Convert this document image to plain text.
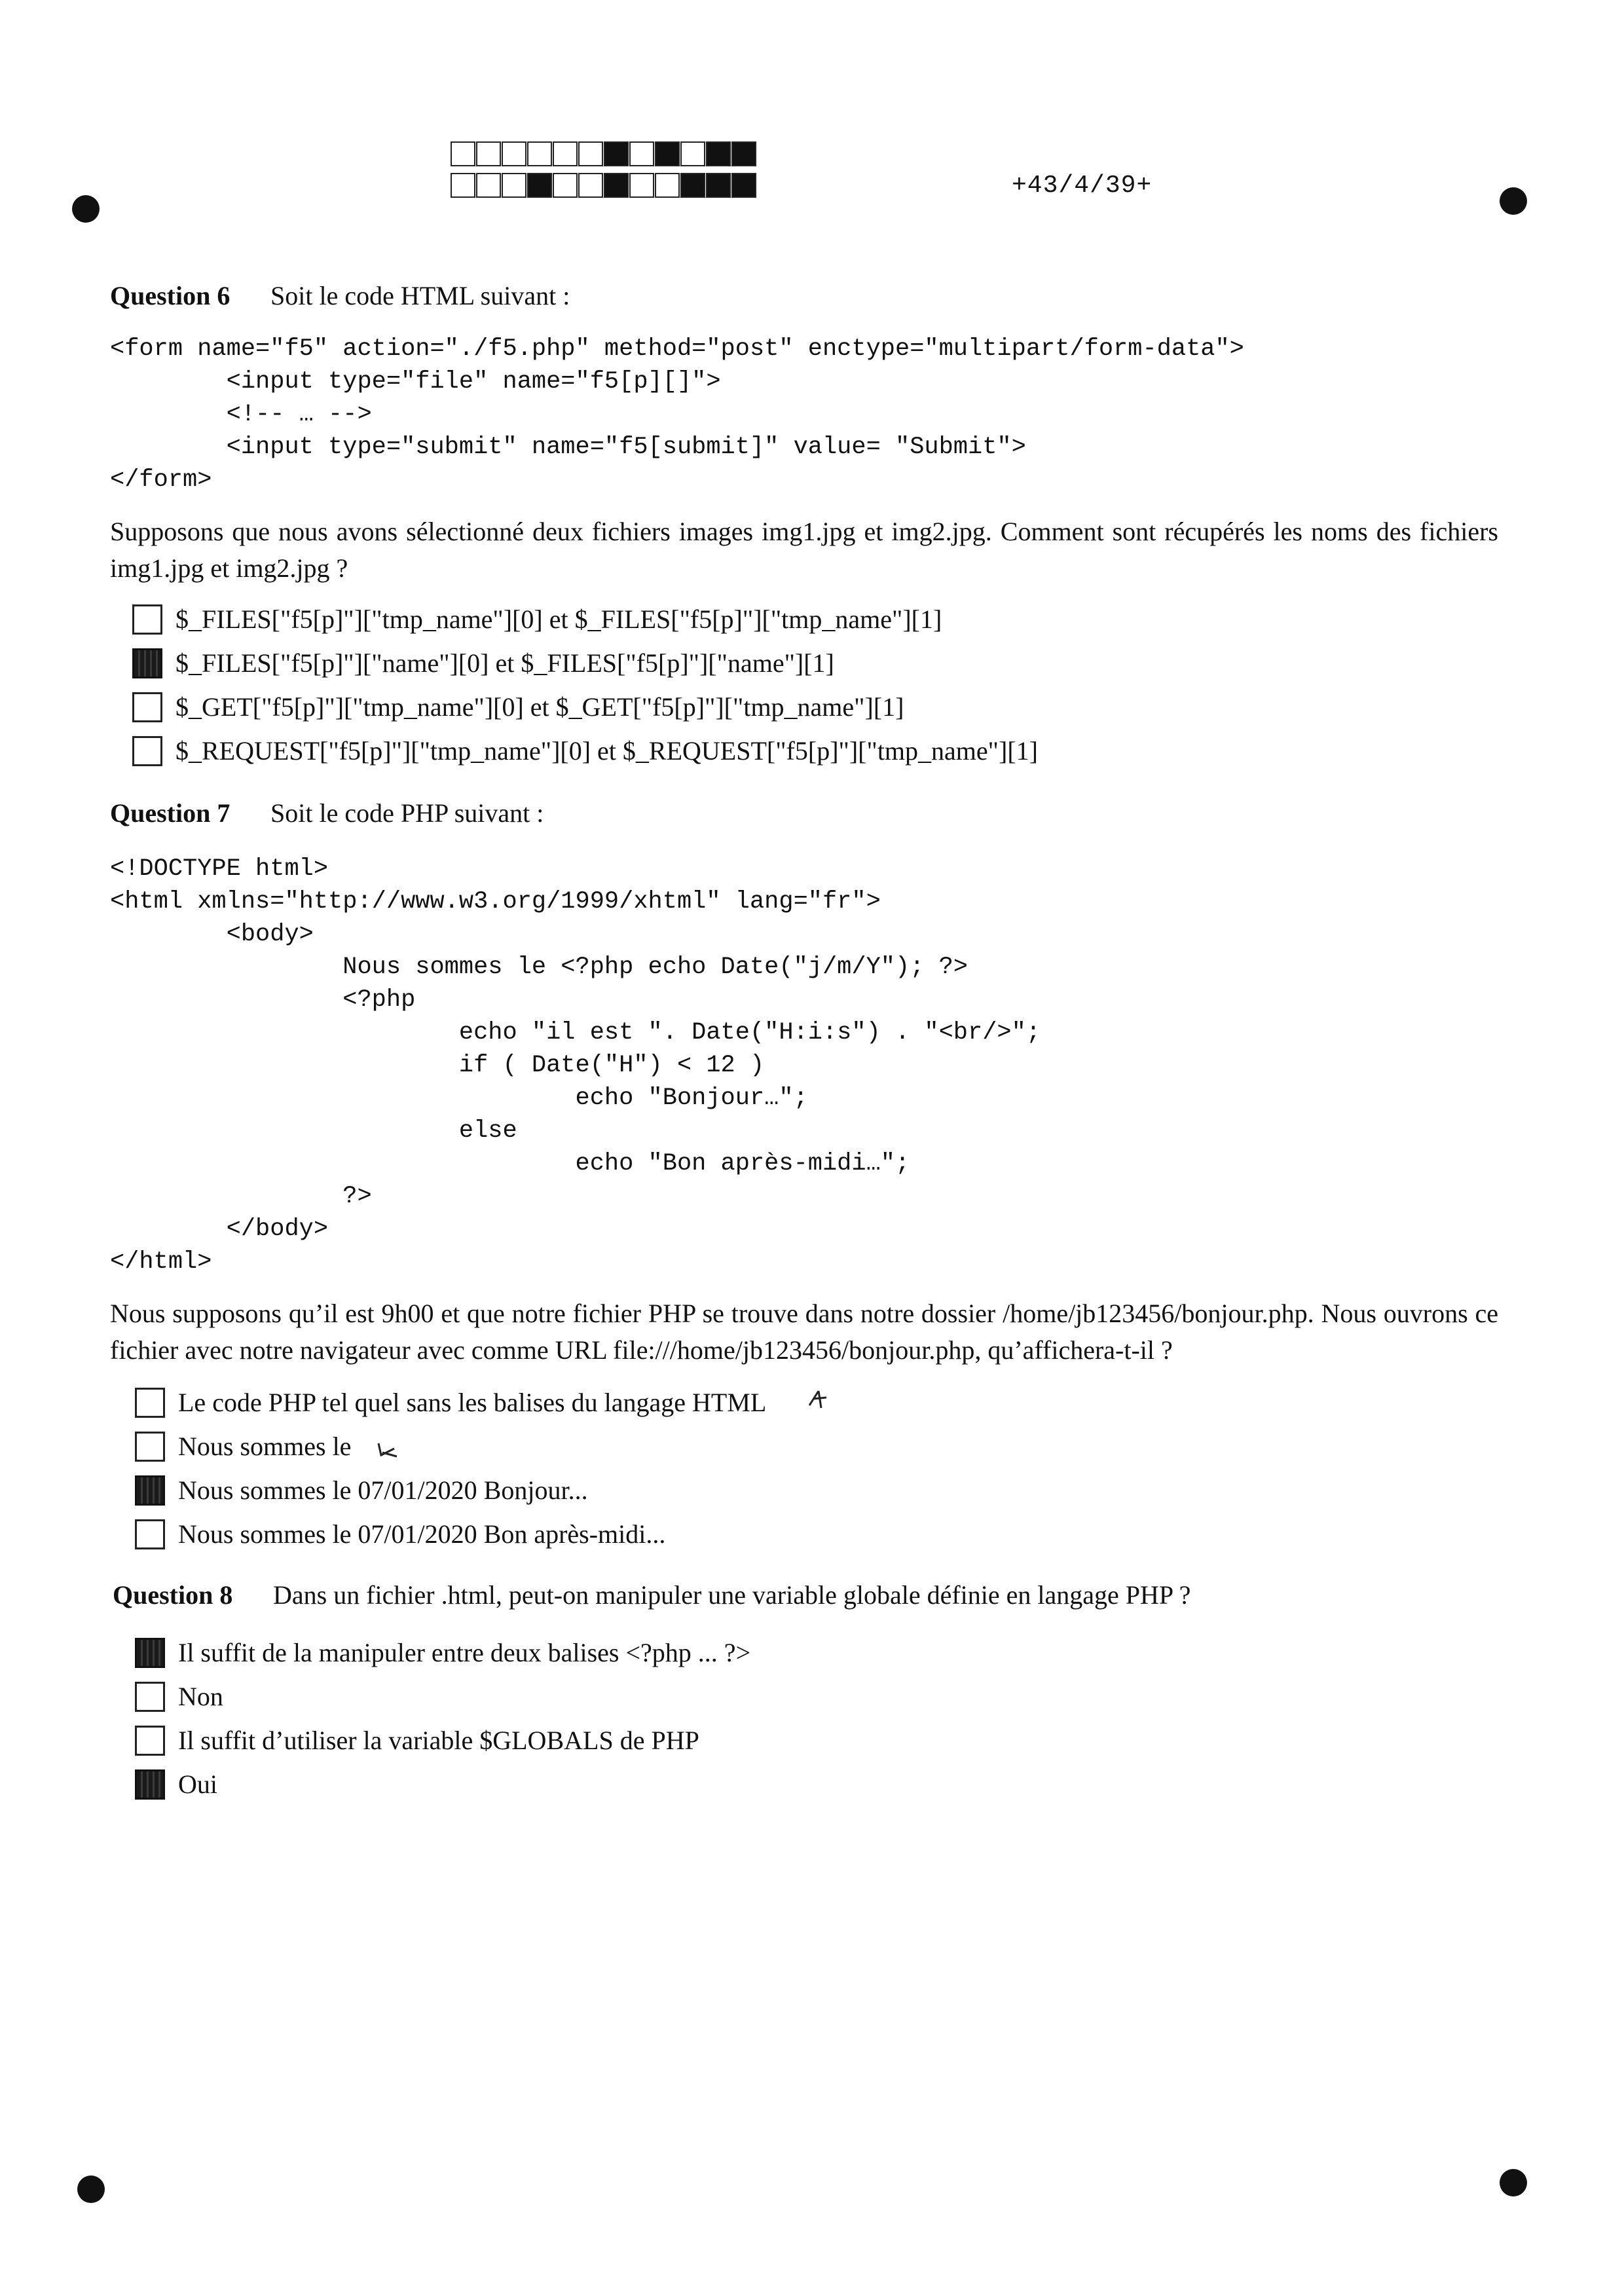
+43/4/39+
Question 6 Soit le code HTML suivant :
<form name="f5" action="./f5.php" method="post" enctype="multipart/form-data">
<input type="file" name="f5[p][]">
<!-- … -->
<input type="submit" name="f5[submit]" value= "Submit">
</form>
Supposons que nous avons sélectionné deux fichiers images img1.jpg et img2.jpg. Comment sont récupérés les noms des fichiers img1.jpg et img2.jpg ?
$_FILES["f5[p]"]["tmp_name"][0] et $_FILES["f5[p]"]["tmp_name"][1]
$_FILES["f5[p]"]["name"][0] et $_FILES["f5[p]"]["name"][1]
$_GET["f5[p]"]["tmp_name"][0] et $_GET["f5[p]"]["tmp_name"][1]
$_REQUEST["f5[p]"]["tmp_name"][0] et $_REQUEST["f5[p]"]["tmp_name"][1]
Question 7 Soit le code PHP suivant :
<!DOCTYPE html>
<html xmlns="http://www.w3.org/1999/xhtml" lang="fr">
<body>
Nous sommes le <?php echo Date("j/m/Y"); ?>
<?php
echo "il est ". Date("H:i:s") . "<br/>";
if ( Date("H") < 12 )
echo "Bonjour…";
else
echo "Bon après-midi…";
?>
</body>
</html>
Nous supposons qu’il est 9h00 et que notre fichier PHP se trouve dans notre dossier /home/jb123456/bonjour.php. Nous ouvrons ce fichier avec notre navigateur avec comme URL file:///home/jb123456/bonjour.php, qu’affichera-t-il ?
Le code PHP tel quel sans les balises du langage HTML
Nous sommes le
Nous sommes le 07/01/2020 Bonjour...
Nous sommes le 07/01/2020 Bon après-midi...
Question 8 Dans un fichier .html, peut-on manipuler une variable globale définie en langage PHP ?
Il suffit de la manipuler entre deux balises <?php ... ?>
Non
Il suffit d’utiliser la variable $GLOBALS de PHP
Oui
